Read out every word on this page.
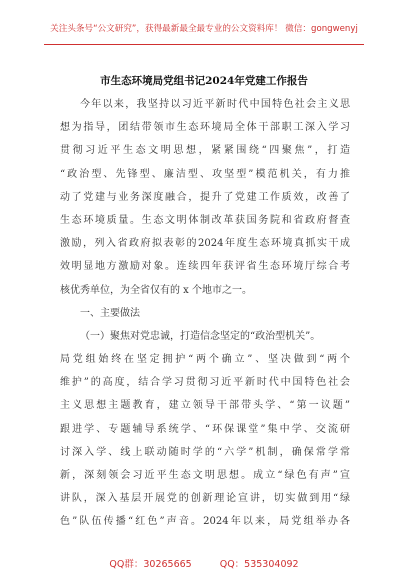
关注头条号“公文研究”，获得最新最全最专业的公文资料库！ 微信：gongwenyj
市生态环境局党组书记2024年党建工作报告
今年以来，我坚持以习近平新时代中国特色社会主义思
想为指导，团结带领市生态环境局全体干部职工深入学习
贯彻习近平生态文明思想，紧紧围绕“四聚焦”，打造
“政治型、先锋型、廉洁型、攻坚型”模范机关，有力推
动了党建与业务深度融合，提升了党建工作质效，改善了
生态环境质量。生态文明体制改革获国务院和省政府督查
激励，列入省政府拟表彰的2024年度生态环境真抓实干成
效明显地方激励对象。连续四年获评省生态环境厅综合考
核优秀单位，为全省仅有的 x 个地市之一。
一、主要做法
（一）聚焦对党忠诚，打造信念坚定的“政治型机关”。
局党组始终在坚定拥护“两个确立”、坚决做到“两个
维护”的高度，结合学习贯彻习近平新时代中国特色社会
主义思想主题教育，建立领导干部带头学、“第一议题”
跟进学、专题辅导系统学、“环保课堂”集中学、交流研
讨深入学、线上联动随时学的“六学”机制，确保常学常
新，深刻领会习近平生态文明思想。成立“绿色有声”宣
讲队，深入基层开展党的创新理论宣讲，切实做到用“绿
色”队伍传播“红色”声音。2024年以来，局党组举办各
QQ群：30265665	QQ：535304092
